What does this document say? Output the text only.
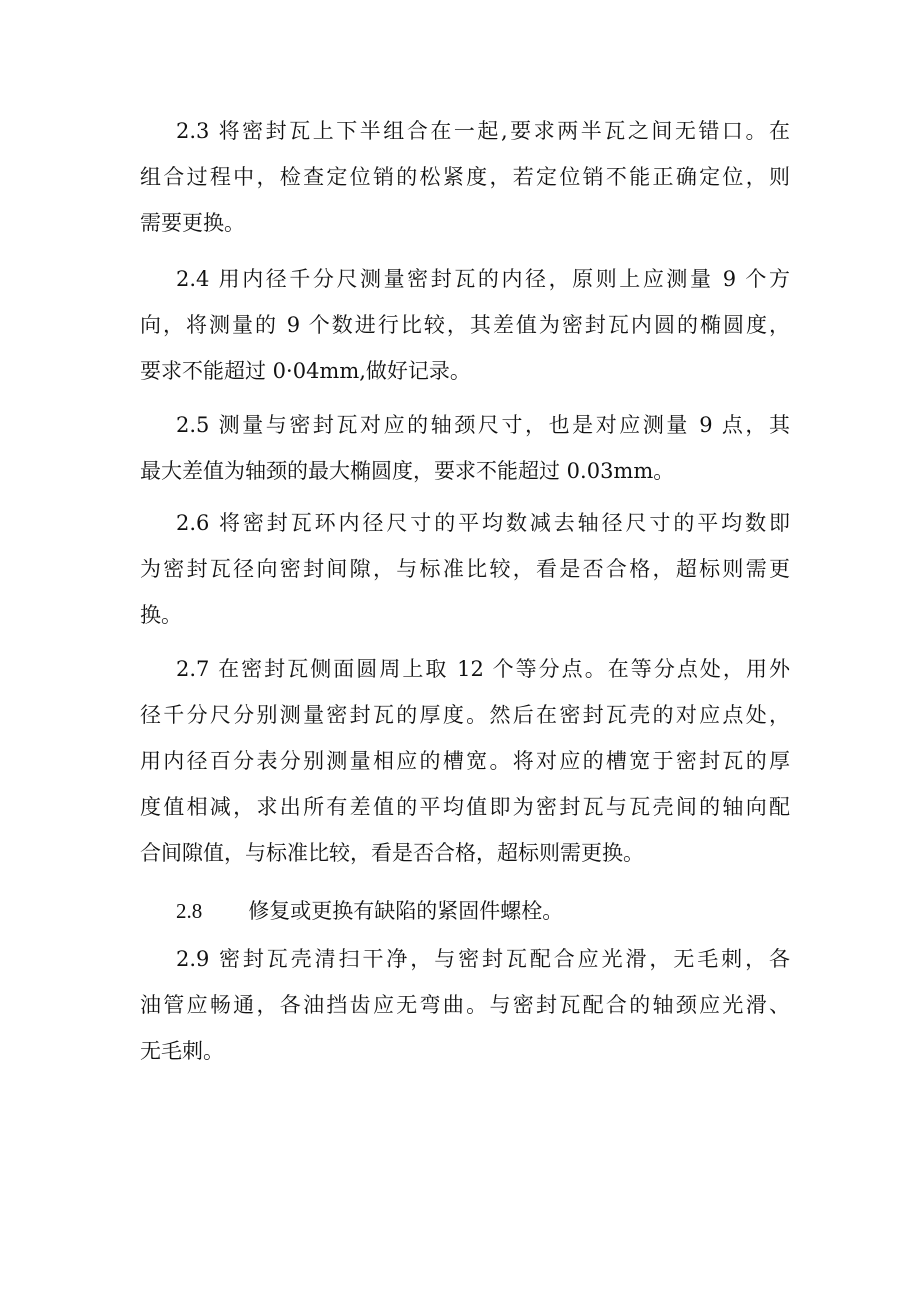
2.3 将密封瓦上下半组合在一起,要求两半瓦之间无错口。在
组合过程中，检查定位销的松紧度，若定位销不能正确定位，则
需要更换。
2.4 用内径千分尺测量密封瓦的内径，原则上应测量 9 个方
向，将测量的 9 个数进行比较，其差值为密封瓦内圆的椭圆度，
要求不能超过 0·04mm,做好记录。
2.5 测量与密封瓦对应的轴颈尺寸，也是对应测量 9 点，其
最大差值为轴颈的最大椭圆度，要求不能超过 0.03mm。
2.6 将密封瓦环内径尺寸的平均数减去轴径尺寸的平均数即
为密封瓦径向密封间隙，与标准比较，看是否合格，超标则需更
换。
2.7 在密封瓦侧面圆周上取 12 个等分点。在等分点处，用外
径千分尺分别测量密封瓦的厚度。然后在密封瓦壳的对应点处，
用内径百分表分别测量相应的槽宽。将对应的槽宽于密封瓦的厚
度值相减，求出所有差值的平均值即为密封瓦与瓦壳间的轴向配
合间隙值，与标准比较，看是否合格，超标则需更换。
2.8 修复或更换有缺陷的紧固件螺栓。
2.9 密封瓦壳清扫干净，与密封瓦配合应光滑，无毛刺，各
油管应畅通，各油挡齿应无弯曲。与密封瓦配合的轴颈应光滑、
无毛刺。
